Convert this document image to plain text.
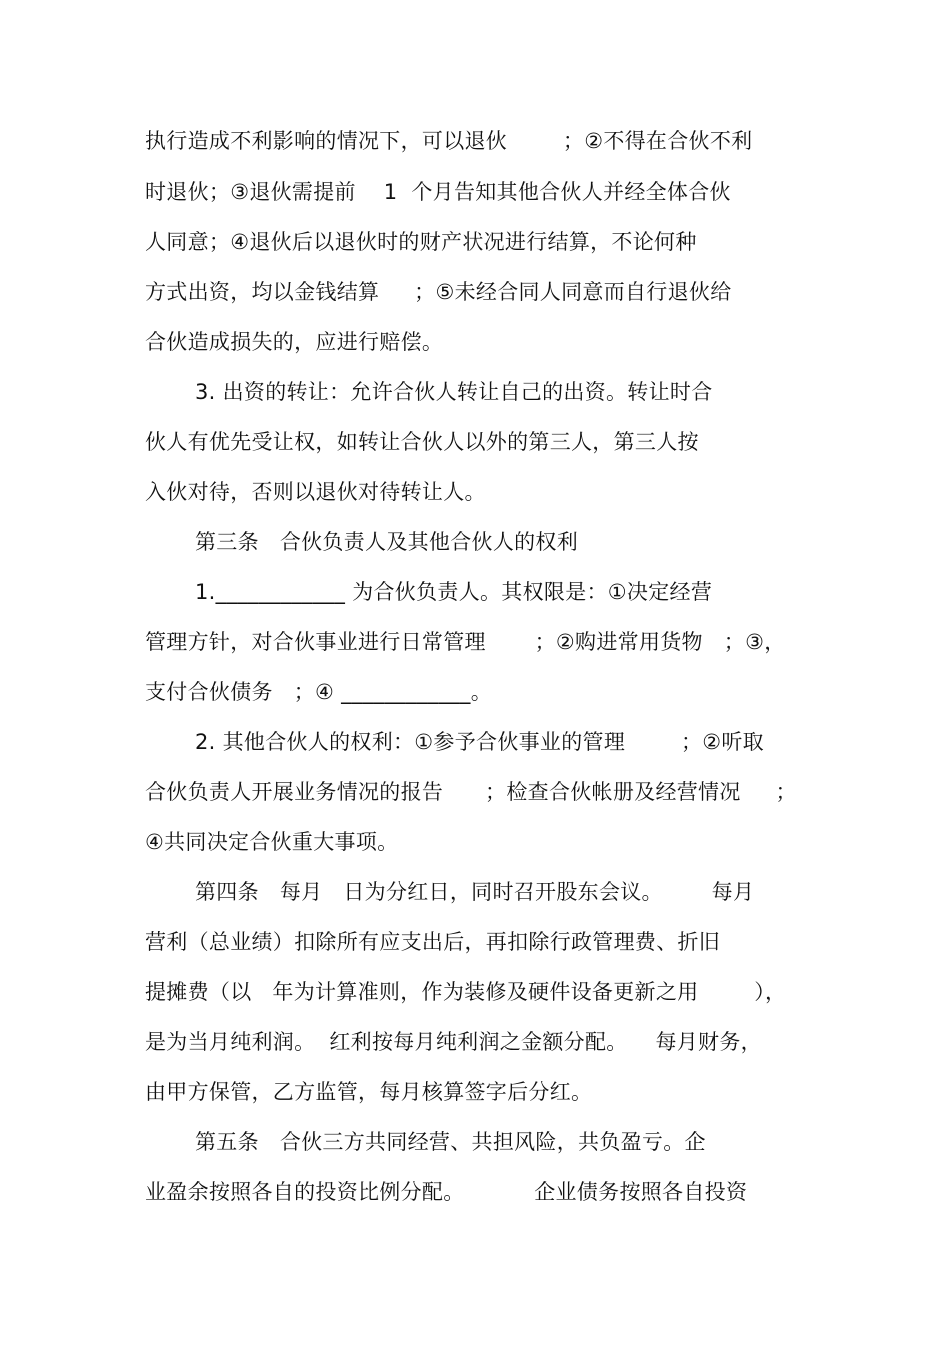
执行造成不利影响的情况下，可以退伙        ；②不得在合伙不利
时退伙；③退伙需提前    1  个月告知其他合伙人并经全体合伙
人同意；④退伙后以退伙时的财产状况进行结算，不论何种
方式出资，均以金钱结算     ；⑤未经合同人同意而自行退伙给
合伙造成损失的，应进行赔偿。
3. 出资的转让：允许合伙人转让自己的出资。转让时合
伙人有优先受让权，如转让合伙人以外的第三人，第三人按
入伙对待，否则以退伙对待转让人。
第三条   合伙负责人及其他合伙人的权利
1.____________ 为合伙负责人。其权限是：①决定经营
管理方针，对合伙事业进行日常管理       ；②购进常用货物   ；③，
支付合伙债务   ；④ ____________。
2. 其他合伙人的权利：①参予合伙事业的管理        ；②听取
合伙负责人开展业务情况的报告      ；检查合伙帐册及经营情况     ；
④共同决定合伙重大事项。
第四条   每月   日为分红日，同时召开股东会议。       每月
营利（总业绩）扣除所有应支出后，再扣除行政管理费、折旧
提摊费（以   年为计算准则，作为装修及硬件设备更新之用        ），
是为当月纯利润。  红利按每月纯利润之金额分配。    每月财务，
由甲方保管，乙方监管，每月核算签字后分红。
第五条   合伙三方共同经营、共担风险，共负盈亏。企
业盈余按照各自的投资比例分配。          企业债务按照各自投资
